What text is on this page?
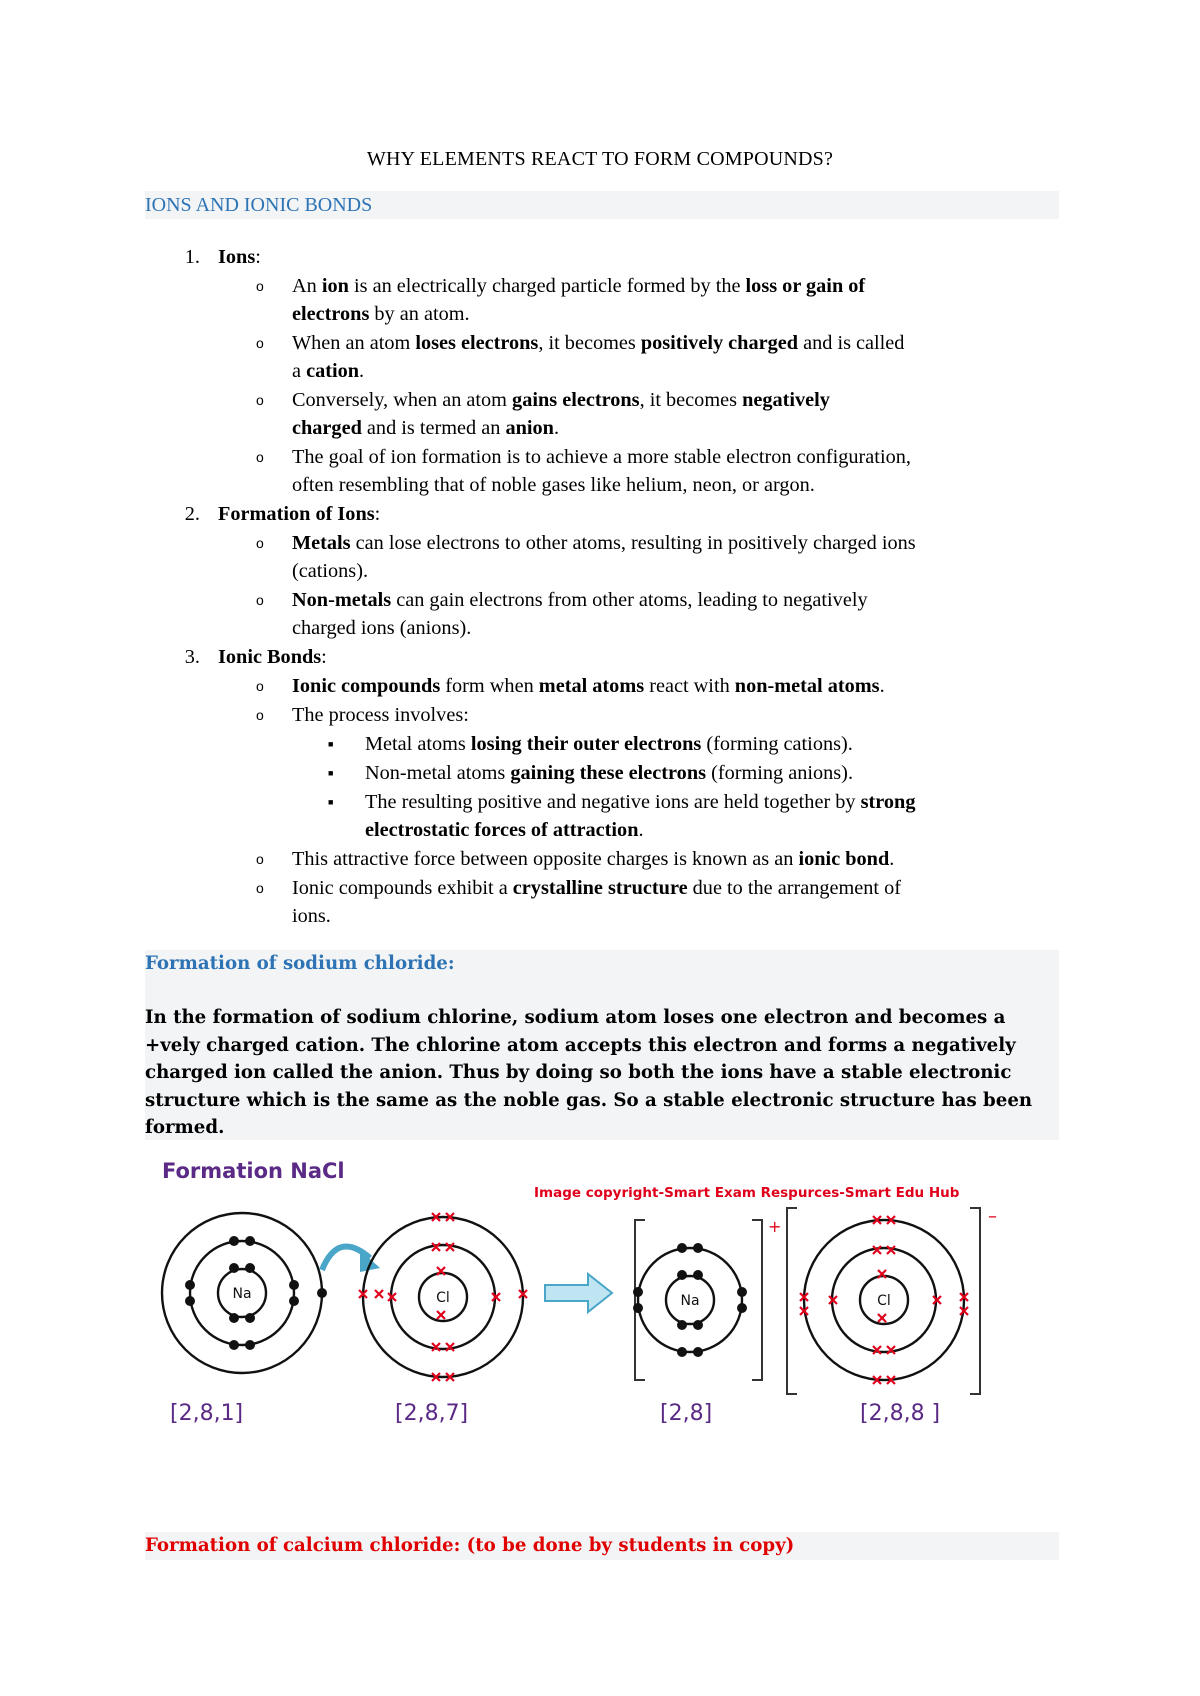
WHY ELEMENTS REACT TO FORM COMPOUNDS?
IONS AND IONIC BONDS
1. Ions:
o	An ion is an electrically charged particle formed by the loss or gain of
electrons by an atom.
o	When an atom loses electrons, it becomes positively charged and is called
a cation.
o	Conversely, when an atom gains electrons, it becomes negatively
charged and is termed an anion.
o	The goal of ion formation is to achieve a more stable electron configuration,
often resembling that of noble gases like helium, neon, or argon.
2. Formation of Ions:
o	Metals can lose electrons to other atoms, resulting in positively charged ions
(cations).
o	Non-metals can gain electrons from other atoms, leading to negatively
charged ions (anions).
3. Ionic Bonds:
o	Ionic compounds form when metal atoms react with non-metal atoms.
o	The process involves:
■	Metal atoms losing their outer electrons (forming cations).
■	Non-metal atoms gaining these electrons (forming anions).
■	The resulting positive and negative ions are held together by strong
electrostatic forces of attraction.
o	This attractive force between opposite charges is known as an ionic bond.
o	Ionic compounds exhibit a crystalline structure due to the arrangement of
ions.
Formation of sodium chloride:
In the formation of sodium chlorine, sodium atom loses one electron and becomes a
+vely charged cation. The chlorine atom accepts this electron and forms a negatively
charged ion called the anion. Thus by doing so both the ions have a stable electronic
structure which is the same as the noble gas. So a stable electronic structure has been
formed.
Formation NaCl
Image copyright-Smart Exam Respurces-Smart Edu Hub
Na	Cl
+
Na
–
Cl
[2,8,1]	[2,8,7]	[2,8]	[2,8,8 ]
Formation of calcium chloride: (to be done by students in copy)
